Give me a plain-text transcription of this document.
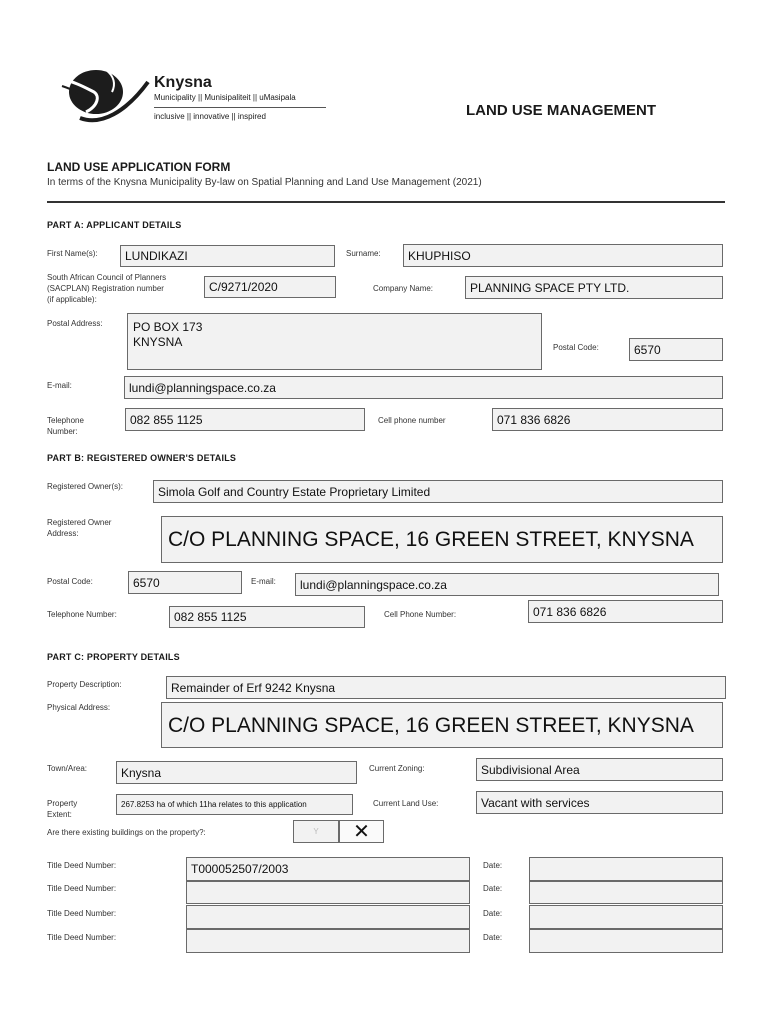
Knysna
Municipality || Munisipaliteit || uMasipala
inclusive || innovative || inspired	LAND USE MANAGEMENT
LAND USE APPLICATION FORM
In terms of the Knysna Municipality By-law on Spatial Planning and Land Use Management (2021)
PART A: APPLICANT DETAILS
First Name(s):	LUNDIKAZI	Surname:	KHUPHISO
South African Council of Planners
(SACPLAN) Registration number
(if applicable):
C/9271/2020	Company Name:	PLANNING SPACE PTY LTD.
Postal Address:	PO BOX 173
KNYSNA	Postal Code:	6570
E-mail:	lundi@planningspace.co.za
Telephone
Number:
082 855 1125	Cell phone number	071 836 6826
PART B: REGISTERED OWNER'S DETAILS
Registered Owner(s):	Simola Golf and Country Estate Proprietary Limited
Registered Owner
Address:	C/O PLANNING SPACE, 16 GREEN STREET, KNYSNA
Postal Code:	6570	E-mail:	lundi@planningspace.co.za
Telephone Number:	082 855 1125	Cell Phone Number:	071 836 6826
PART C: PROPERTY DETAILS
Property Description:	Remainder of Erf 9242 Knysna
Physical Address:
C/O PLANNING SPACE, 16 GREEN STREET, KNYSNA
Town/Area:	Knysna	Current Zoning:	Subdivisional Area
Property
Extent:
267.8253 ha of which 11ha relates to this application	Current Land Use:	Vacant with services
Are there existing buildings on the property?:	Y	✕
Title Deed Number:	T000052507/2003	Date:
Title Deed Number:	Date:
Title Deed Number:	Date:
Title Deed Number:	Date:
